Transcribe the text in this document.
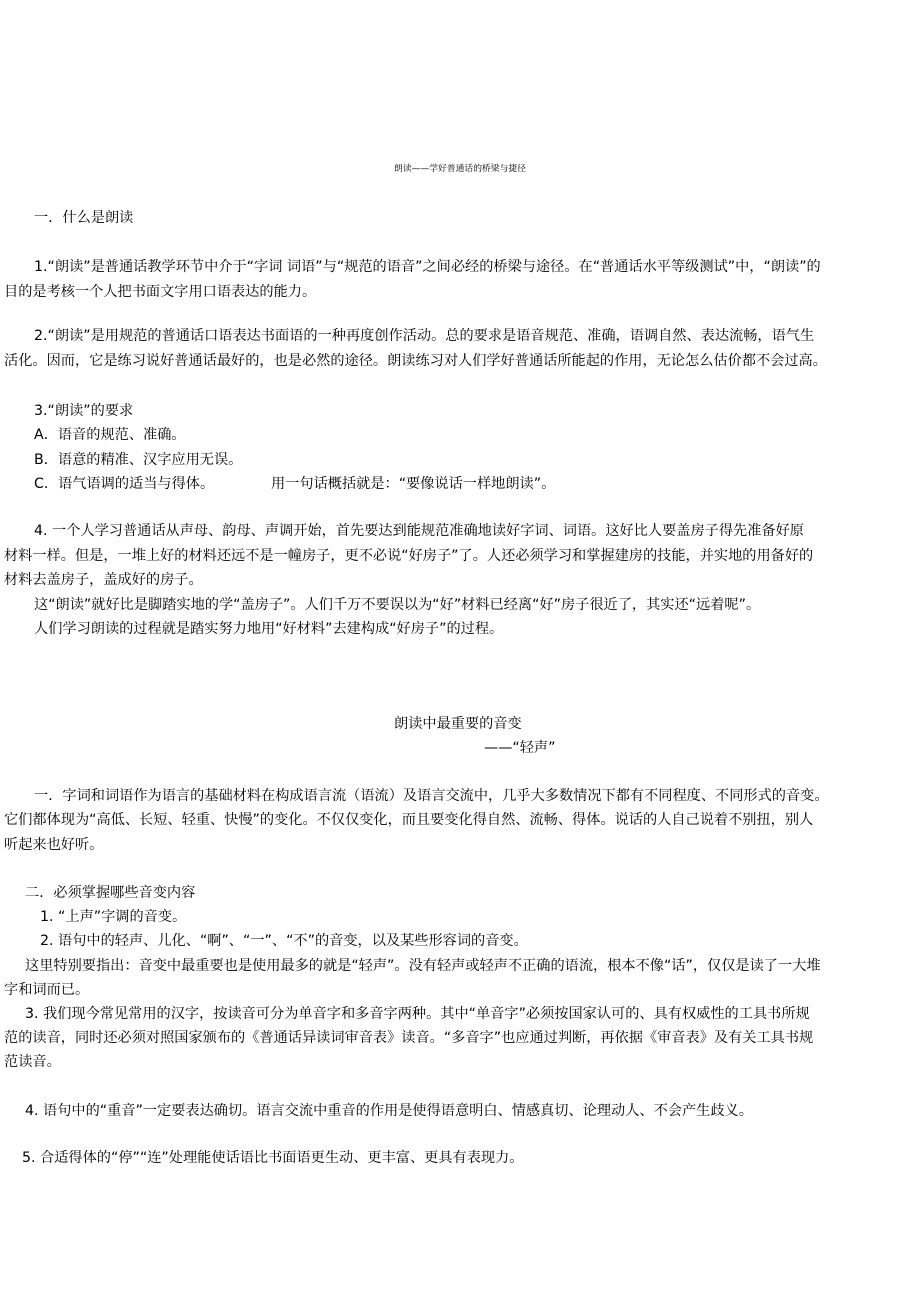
朗读——学好普通话的桥梁与捷径
一．什么是朗读
1.“朗读”是普通话教学环节中介于“字词 词语”与“规范的语音”之间必经的桥梁与途径。在“普通话水平等级测试”中，“朗读”的
目的是考核一个人把书面文字用口语表达的能力。
2.“朗读”是用规范的普通话口语表达书面语的一种再度创作活动。总的要求是语音规范、准确，语调自然、表达流畅，语气生
活化。因而，它是练习说好普通话最好的，也是必然的途径。朗读练习对人们学好普通话所能起的作用，无论怎么估价都不会过高。
3.“朗读”的要求
A．语音的规范、准确。
B．语意的精准、汉字应用无误。
C．语气语调的适当与得体。	用一句话概括就是：“要像说话一样地朗读”。
4. 一个人学习普通话从声母、韵母、声调开始，首先要达到能规范准确地读好字词、词语。这好比人要盖房子得先准备好原
材料一样。但是，一堆上好的材料还远不是一幢房子，更不必说“好房子”了。人还必须学习和掌握建房的技能，并实地的用备好的
材料去盖房子，盖成好的房子。
这“朗读”就好比是脚踏实地的学“盖房子”。人们千万不要误以为“好”材料已经离“好”房子很近了，其实还“远着呢”。
人们学习朗读的过程就是踏实努力地用“好材料”去建构成“好房子”的过程。
朗读中最重要的音变
——“轻声”
一．字词和词语作为语言的基础材料在构成语言流（语流）及语言交流中，几乎大多数情况下都有不同程度、不同形式的音变。
它们都体现为“高低、长短、轻重、快慢”的变化。不仅仅变化，而且要变化得自然、流畅、得体。说话的人自己说着不别扭，别人
听起来也好听。
二．必须掌握哪些音变内容
1. “上声”字调的音变。
2. 语句中的轻声、儿化、“啊”、“一”、“不”的音变，以及某些形容词的音变。
这里特别要指出：音变中最重要也是使用最多的就是“轻声”。没有轻声或轻声不正确的语流，根本不像“话”，仅仅是读了一大堆
字和词而已。
3. 我们现今常见常用的汉字，按读音可分为单音字和多音字两种。其中“单音字”必须按国家认可的、具有权威性的工具书所规
范的读音，同时还必须对照国家颁布的《普通话异读词审音表》读音。“多音字”也应通过判断，再依据《审音表》及有关工具书规
范读音。
4. 语句中的“重音”一定要表达确切。语言交流中重音的作用是使得语意明白、情感真切、论理动人、不会产生歧义。
5. 合适得体的“停”“连”处理能使话语比书面语更生动、更丰富、更具有表现力。
